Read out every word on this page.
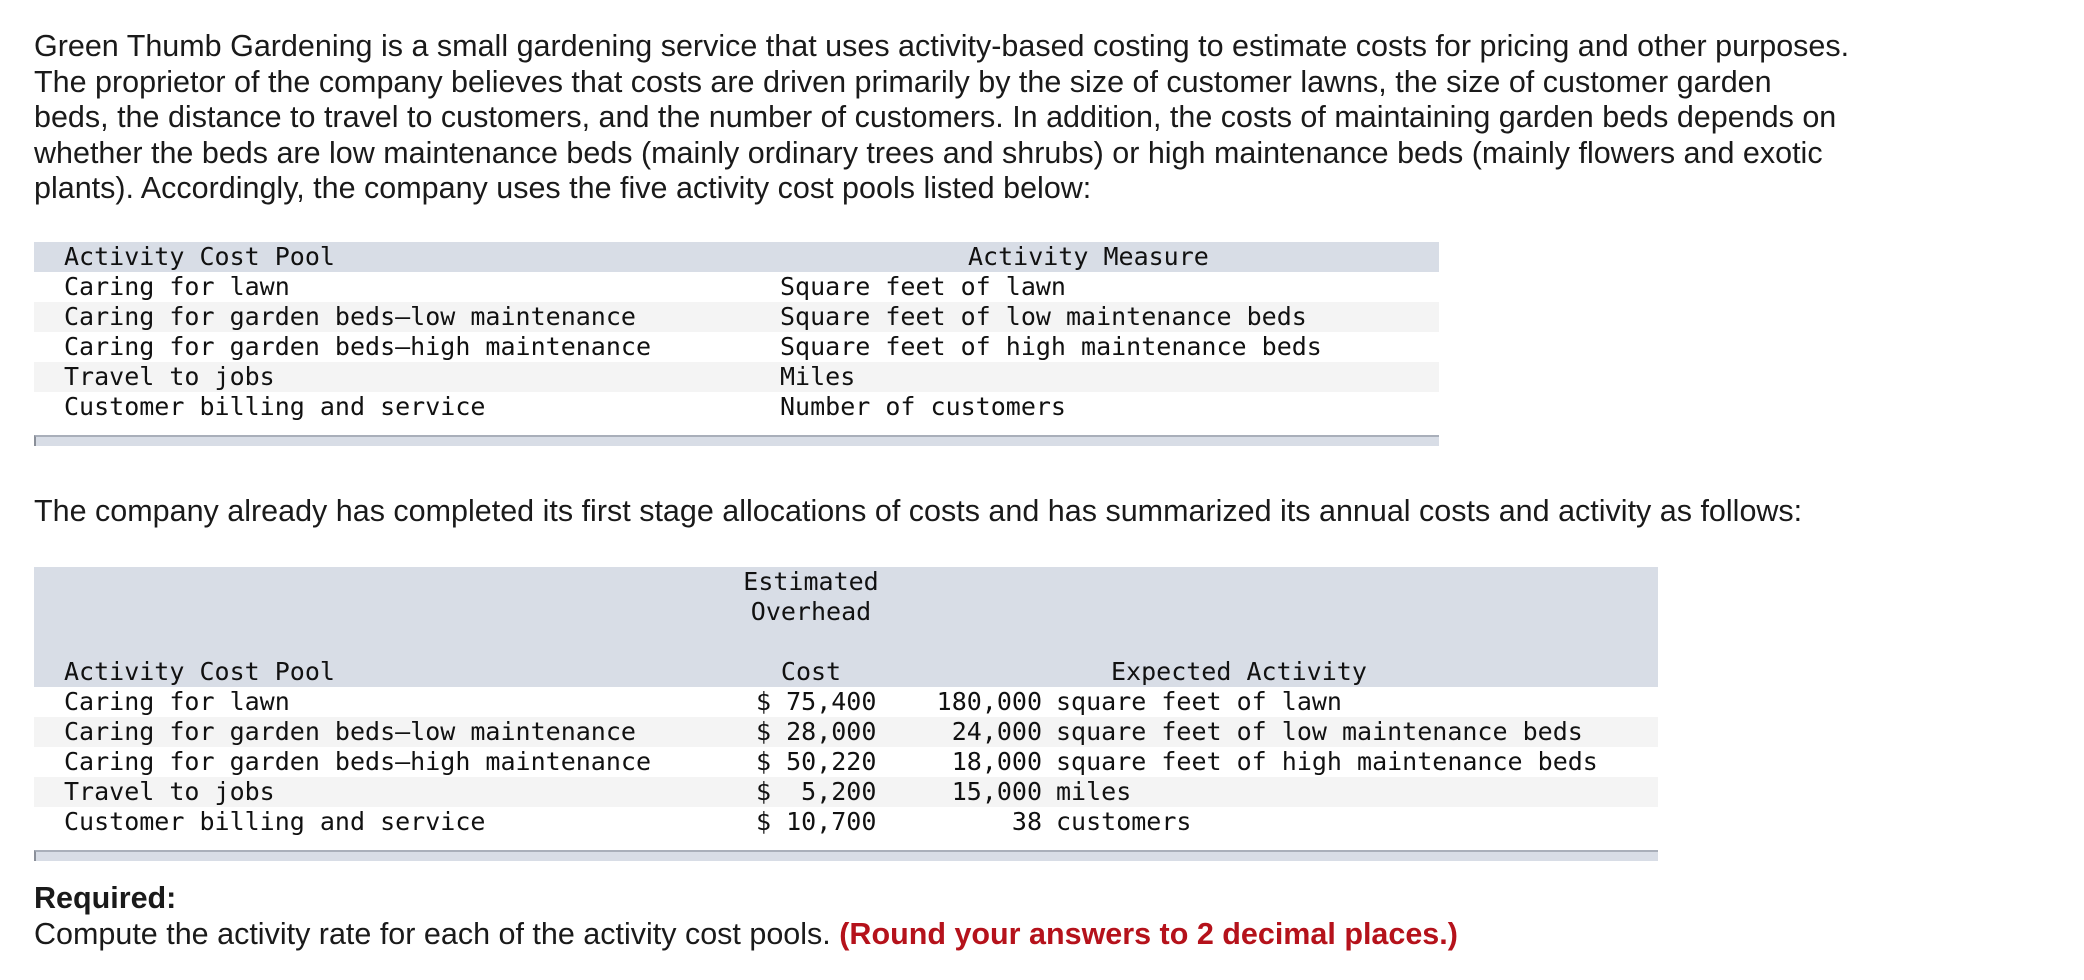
Green Thumb Gardening is a small gardening service that uses activity-based costing to estimate costs for pricing and other purposes.
The proprietor of the company believes that costs are driven primarily by the size of customer lawns, the size of customer garden
beds, the distance to travel to customers, and the number of customers. In addition, the costs of maintaining garden beds depends on
whether the beds are low maintenance beds (mainly ordinary trees and shrubs) or high maintenance beds (mainly flowers and exotic
plants). Accordingly, the company uses the five activity cost pools listed below:
Activity Cost Pool	Activity Measure
Caring for lawn	Square feet of lawn
Caring for garden beds–low maintenance	Square feet of low maintenance beds
Caring for garden beds–high maintenance	Square feet of high maintenance beds
Travel to jobs	Miles
Customer billing and service	Number of customers

The company already has completed its first stage allocations of costs and has summarized its annual costs and activity as follows:

Estimated
Overhead
Activity Cost Pool	Cost	Expected Activity
Caring for lawn	$ 75,400	180,000 square feet of lawn
Caring for garden beds–low maintenance	$ 28,000	24,000 square feet of low maintenance beds
Caring for garden beds–high maintenance	$ 50,220	18,000 square feet of high maintenance beds
Travel to jobs	$  5,200	15,000 miles
Customer billing and service	$ 10,700	38 customers
Required:
Compute the activity rate for each of the activity cost pools. (Round your answers to 2 decimal places.)
